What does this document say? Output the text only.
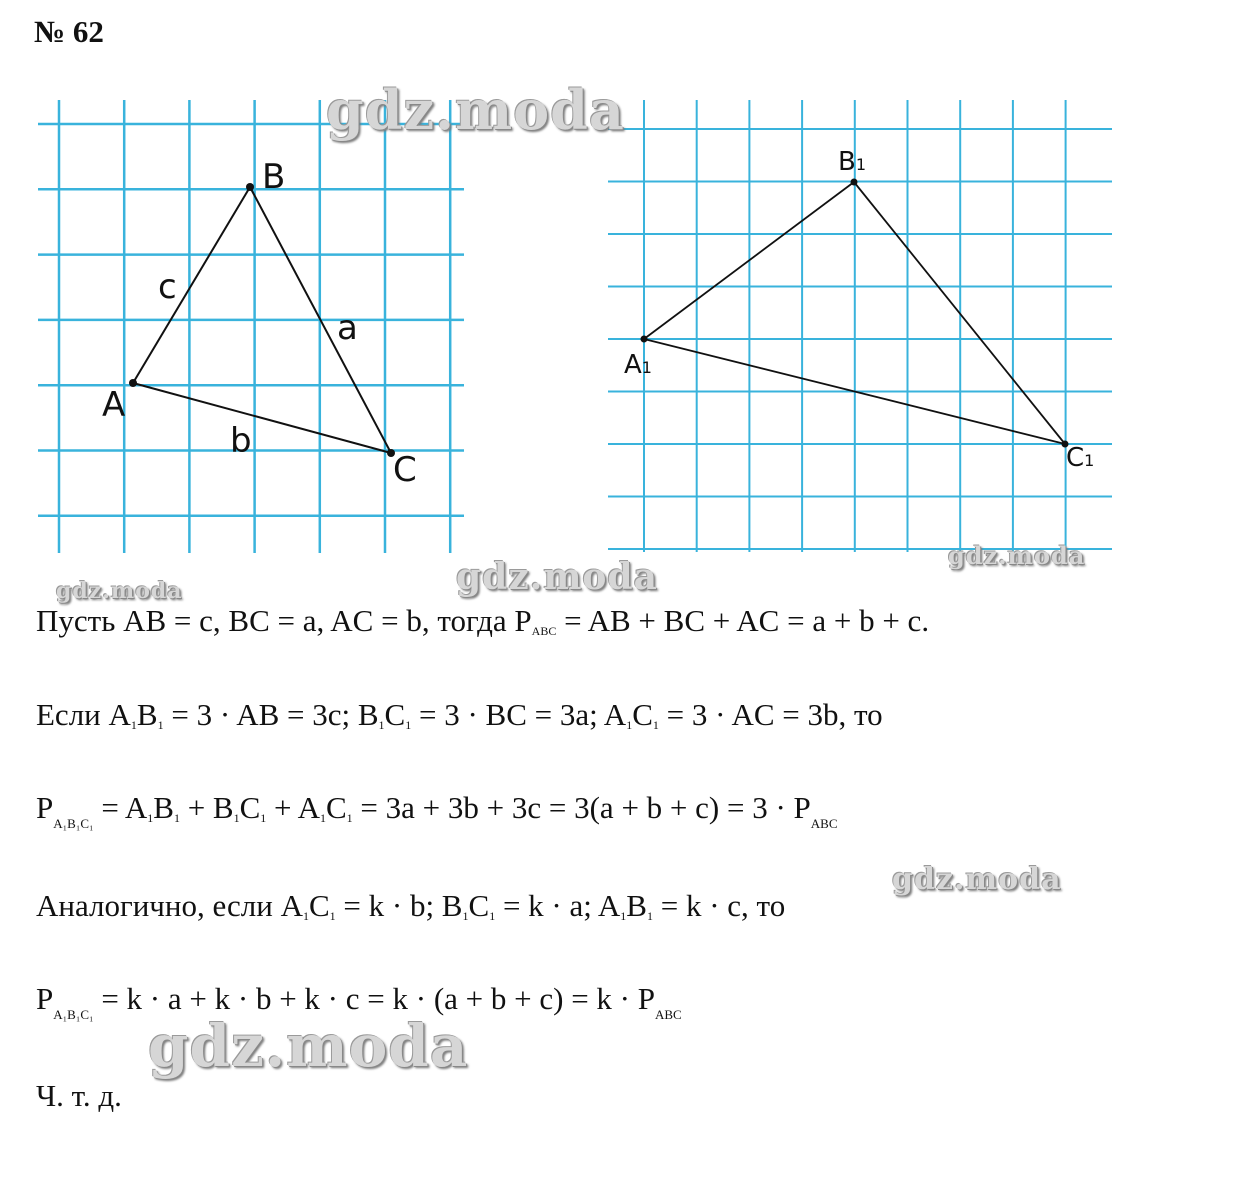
№ 62
B
A
C
c
a
b
B1
A1
C1
gdz.moda
gdz.moda	gdz.moda
gdz.moda
gdz.moda
gdz.moda
Пусть AB = c, BC = a, AC = b, тогда $P_{ABC}$ = AB + BC + AC = a + b + c.
Если $A_1B_1 = 3$ · AB = 3c; $B_1C_1 = 3$ · BC = 3a; $A_1C_1 = 3$ · AC = 3b, то
$P_{A_1B_1C_1} = A_1B_1 + B_1C_1 + A_1C_1 = 3a + 3b + 3c = 3(a + b + c) = 3 \cdot P_{ABC}$
Аналогично, если $A_1C_1 = k \cdot b$; $B_1C_1 = k \cdot a$; $A_1B_1 = k \cdot c$, то
$P_{A_1B_1C_1} = k \cdot a + k \cdot b + k \cdot c = k \cdot (a + b + c) = k \cdot P_{ABC}$
Ч. т. д.
